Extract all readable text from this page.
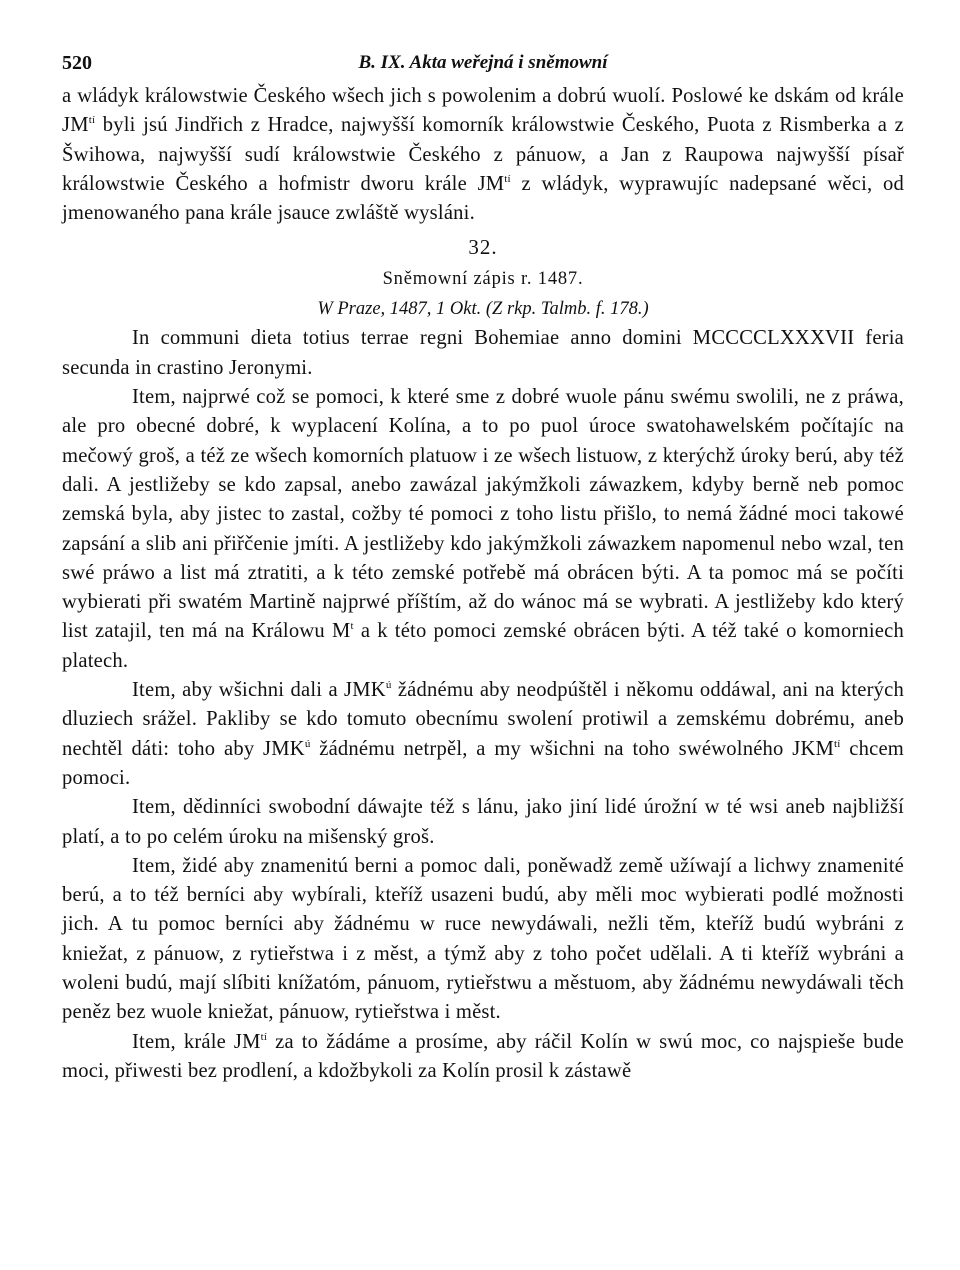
520	B. IX. Akta weřejná i sněmowní

a wládyk králowstwie Českého wšech jich s powolenim a dobrú wuolí. Poslowé ke dskám od krále $JM^{tí}$ byli jsú Jindřich z Hradce, najwyšší komorník králowstwie Českého, Puota z Rismberka a z Šwihowa, najwyšší sudí králowstwie Českého z pánuow, a Jan z Raupowa najwyšší písař králowstwie Českého a hofmistr dworu krále $JM^{tí}$ z wládyk, wyprawujíc nadepsané wěci, od jmenowaného pana krále jsauce zwláště wysláni.

32.
Sněmowní zápis r. 1487.
W Praze, 1487, 1 Okt. (Z rkp. Talmb. f. 178.)

In communi dieta totius terrae regni Bohemiae anno domini MCCCCLXXXVII feria secunda in crastino Jeronymi.

Item, najprwé což se pomoci, k které sme z dobré wuole pánu swému swolili, ne z práwa, ale pro obecné dobré, k wyplacení Kolína, a to po puol úroce swatohawelském počítajíc na mečowý groš, a též ze wšech komorních platuow i ze wšech listuow, z kterýchž úroky berú, aby též dali. A jestližeby se kdo zapsal, anebo zawázal jakýmžkoli záwazkem, kdyby berně neb pomoc zemská byla, aby jistec to zastal, cožby té pomoci z toho listu přišlo, to nemá žádné moci takowé zapsání a slib ani přiřčenie jmíti. A jestližeby kdo jakýmžkoli záwazkem napomenul nebo wzal, ten swé práwo a list má ztratiti, a k této zemské potřebě má obrácen býti. A ta pomoc má se počíti wybierati při swatém Martině najprwé příštím, až do wánoc má se wybrati. A jestližeby kdo který list zatajil, ten má na Králowu $M^t$ a k této pomoci zemské obrácen býti. A též také o komorniech platech.

Item, aby wšichni dali a $JMK^ú$ žádnému aby neodpúštěl i někomu oddáwal, ani na kterých dluziech srážel. Pakliby se kdo tomuto obecnímu swolení protiwil a zemskému dobrému, aneb nechtěl dáti: toho aby $JMK^ú$ žádnému netrpěl, a my wšichni na toho swéwolného $JKM^{tí}$ chcem pomoci.

Item, dědinníci swobodní dáwajte též s lánu, jako jiní lidé úrožní w té wsi aneb najbližší platí, a to po celém úroku na mišenský groš.

Item, židé aby znamenitú berni a pomoc dali, poněwadž země užíwají a lichwy znamenité berú, a to též berníci aby wybírali, kteříž usazeni budú, aby měli moc wybierati podlé možnosti jich. A tu pomoc berníci aby žádnému w ruce newydáwali, nežli těm, kteříž budú wybráni z kniežat, z pánuow, z rytieřstwa i z měst, a týmž aby z toho počet udělali. A ti kteříž wybráni a woleni budú, mají slíbiti knížatóm, pánuom, rytieřstwu a městuom, aby žádnému newydáwali těch peněz bez wuole kniežat, pánuow, rytieřstwa i měst.

Item, krále $JM^{tí}$ za to žádáme a prosíme, aby ráčil Kolín w swú moc, co najspieše bude moci, přiwesti bez prodlení, a kdožbykoli za Kolín prosil k zástawě
